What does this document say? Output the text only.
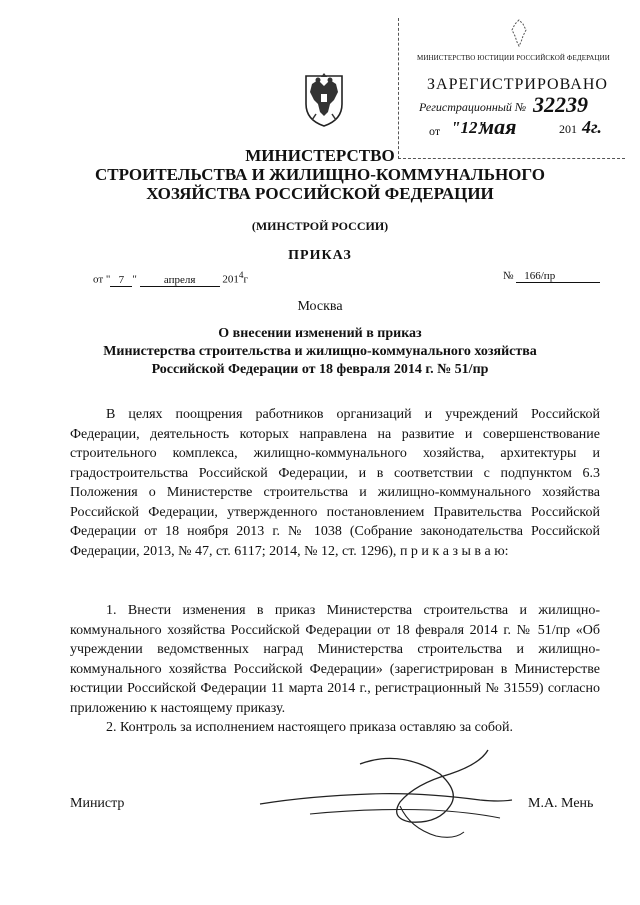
МИНИСТЕРСТВО ЮСТИЦИИ РОССИЙСКОЙ ФЕДЕРАЦИИ
ЗАРЕГИСТРИРОВАНО
Регистрационный № 32239
от "12"
мая	201 4г.
МИНИСТЕРСТВО
СТРОИТЕЛЬСТВА И ЖИЛИЩНО-КОММУНАЛЬНОГО
ХОЗЯЙСТВА РОССИЙСКОЙ ФЕДЕРАЦИИ
(МИНСТРОЙ РОССИИ)
ПРИКАЗ
от " 7 " апреля $201^4г$	№ 166/пр
Москва
О внесении изменений в приказ
Министерства строительства и жилищно-коммунального хозяйства
Российской Федерации от 18 февраля 2014 г. № 51/пр
В целях поощрения работников организаций и учреждений Российской Федерации, деятельность которых направлена на развитие и совершенствование строительного комплекса, жилищно-коммунального хозяйства, архитектуры и градостроительства Российской Федерации, и в соответствии с подпунктом 6.3 Положения о Министерстве строительства и жилищно-коммунального хозяйства Российской Федерации, утвержденного постановлением Правительства Российской Федерации от 18 ноября 2013 г. № 1038 (Собрание законодательства Российской Федерации, 2013, № 47, ст. 6117; 2014, № 12, ст. 1296), п р и к а з ы в а ю:
1. Внести изменения в приказ Министерства строительства и жилищно-коммунального хозяйства Российской Федерации от 18 февраля 2014 г. № 51/пр «Об учреждении ведомственных наград Министерства строительства и жилищно-коммунального хозяйства Российской Федерации» (зарегистрирован в Министерстве юстиции Российской Федерации 11 марта 2014 г., регистрационный № 31559) согласно приложению к настоящему приказу.
2. Контроль за исполнением настоящего приказа оставляю за собой.
Министр	М.А. Мень
